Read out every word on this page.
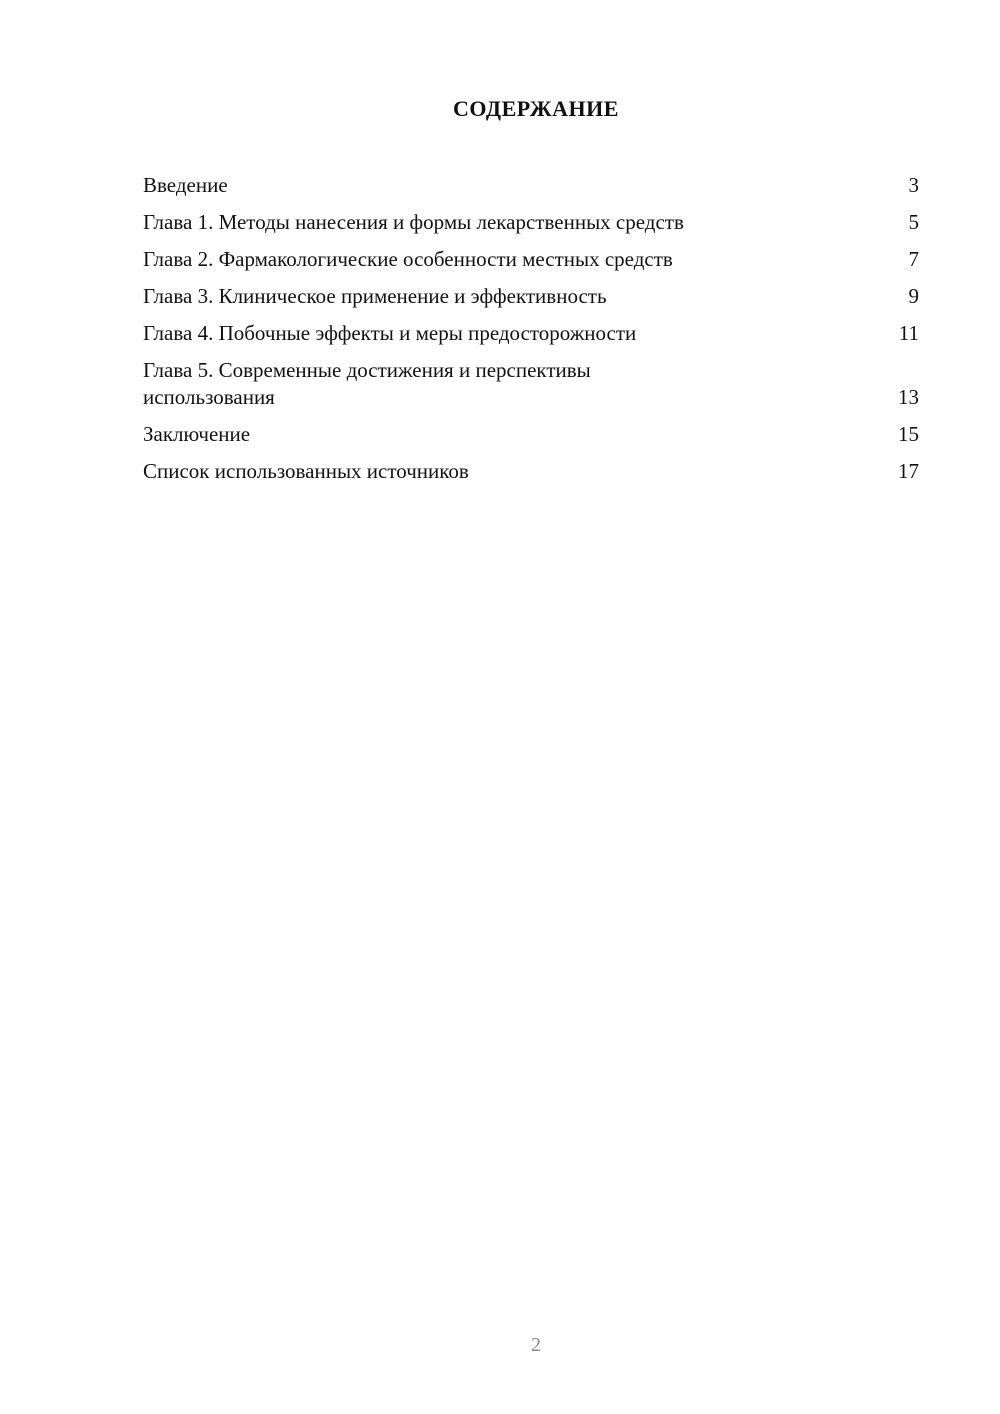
СОДЕРЖАНИЕ
Введение	3
Глава 1. Методы нанесения и формы лекарственных средств	5
Глава 2. Фармакологические особенности местных средств	7
Глава 3. Клиническое применение и эффективность	9
Глава 4. Побочные эффекты и меры предосторожности	11
Глава 5. Современные достижения и перспективы использования	13
Заключение	15
Список использованных источников	17
2
